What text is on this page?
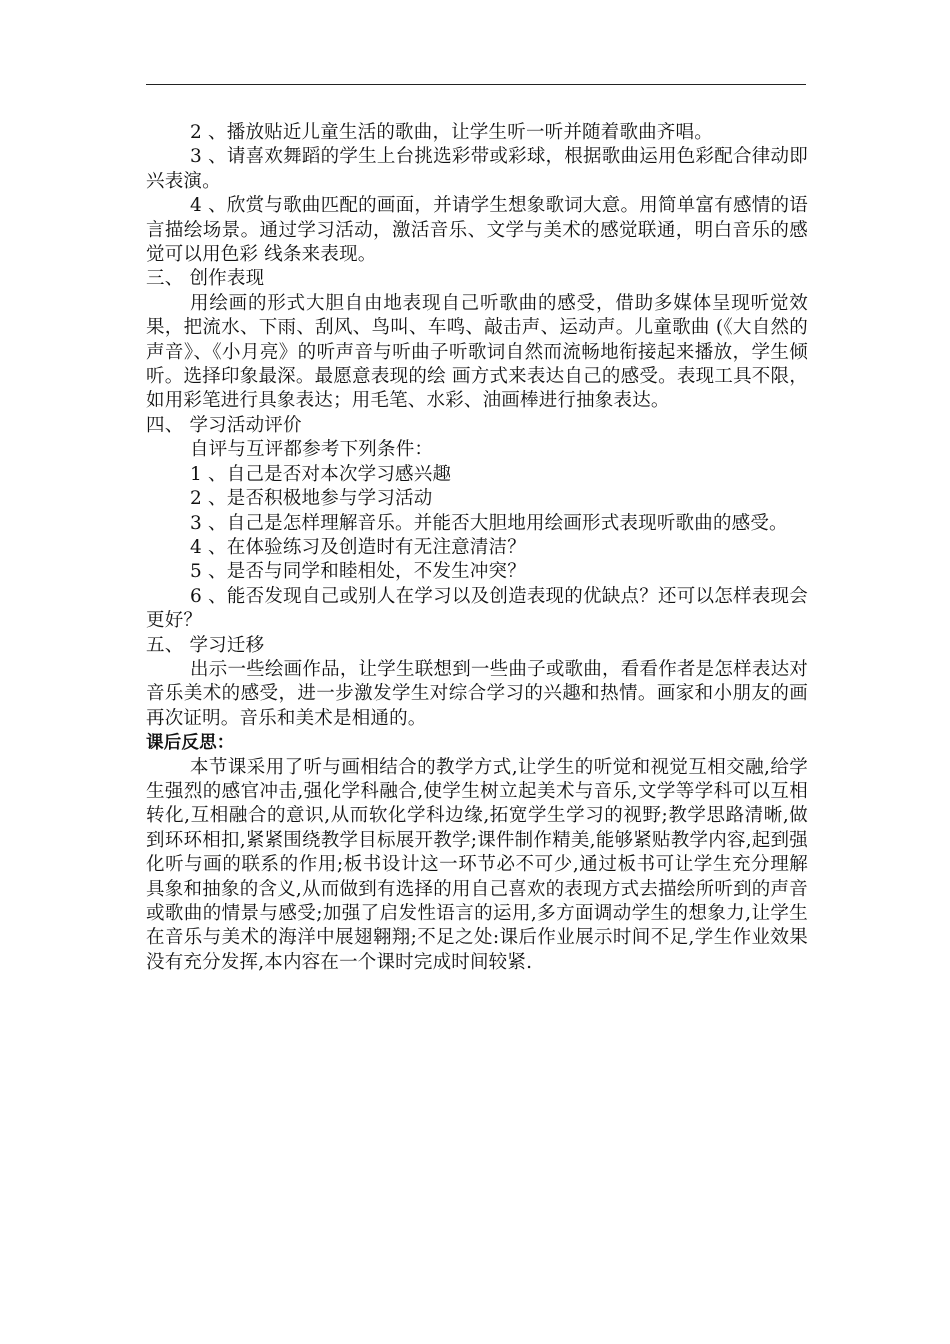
2 、播放贴近儿童生活的歌曲，让学生听一听并随着歌曲齐唱。

3 、请喜欢舞蹈的学生上台挑选彩带或彩球，根据歌曲运用色彩配合律动即兴表演。

4 、欣赏与歌曲匹配的画面，并请学生想象歌词大意。用简单富有感情的语言描绘场景。通过学习活动，激活音乐、文学与美术的感觉联通，明白音乐的感觉可以用色彩 线条来表现。

三、 创作表现

用绘画的形式大胆自由地表现自己听歌曲的感受，借助多媒体呈现听觉效果，把流水、下雨、刮风、鸟叫、车鸣、敲击声、运动声。儿童歌曲 (《大自然的声音》、《小月亮》的听声音与听曲子听歌词自然而流畅地衔接起来播放，学生倾听。选择印象最深。最愿意表现的绘 画方式来表达自己的感受。表现工具不限，如用彩笔进行具象表达；用毛笔、水彩、油画棒进行抽象表达。

四、 学习活动评价

自评与互评都参考下列条件：

1 、自己是否对本次学习感兴趣

2 、是否积极地参与学习活动

3 、自己是怎样理解音乐。并能否大胆地用绘画形式表现听歌曲的感受。

4 、在体验练习及创造时有无注意清洁？

5 、是否与同学和睦相处，不发生冲突？

6 、能否发现自己或别人在学习以及创造表现的优缺点？还可以怎样表现会更好？

五、 学习迁移

出示一些绘画作品，让学生联想到一些曲子或歌曲，看看作者是怎样表达对音乐美术的感受，进一步激发学生对综合学习的兴趣和热情。画家和小朋友的画再次证明。音乐和美术是相通的。

课后反思：

本节课采用了听与画相结合的教学方式,让学生的听觉和视觉互相交融,给学生强烈的感官冲击,强化学科融合,使学生树立起美术与音乐,文学等学科可以互相转化,互相融合的意识,从而软化学科边缘,拓宽学生学习的视野;教学思路清晰,做到环环相扣,紧紧围绕教学目标展开教学;课件制作精美,能够紧贴教学内容,起到强化听与画的联系的作用;板书设计这一环节必不可少,通过板书可让学生充分理解具象和抽象的含义,从而做到有选择的用自己喜欢的表现方式去描绘所听到的声音或歌曲的情景与感受;加强了启发性语言的运用,多方面调动学生的想象力,让学生在音乐与美术的海洋中展翅翱翔;不足之处:课后作业展示时间不足,学生作业效果没有充分发挥,本内容在一个课时完成时间较紧.
